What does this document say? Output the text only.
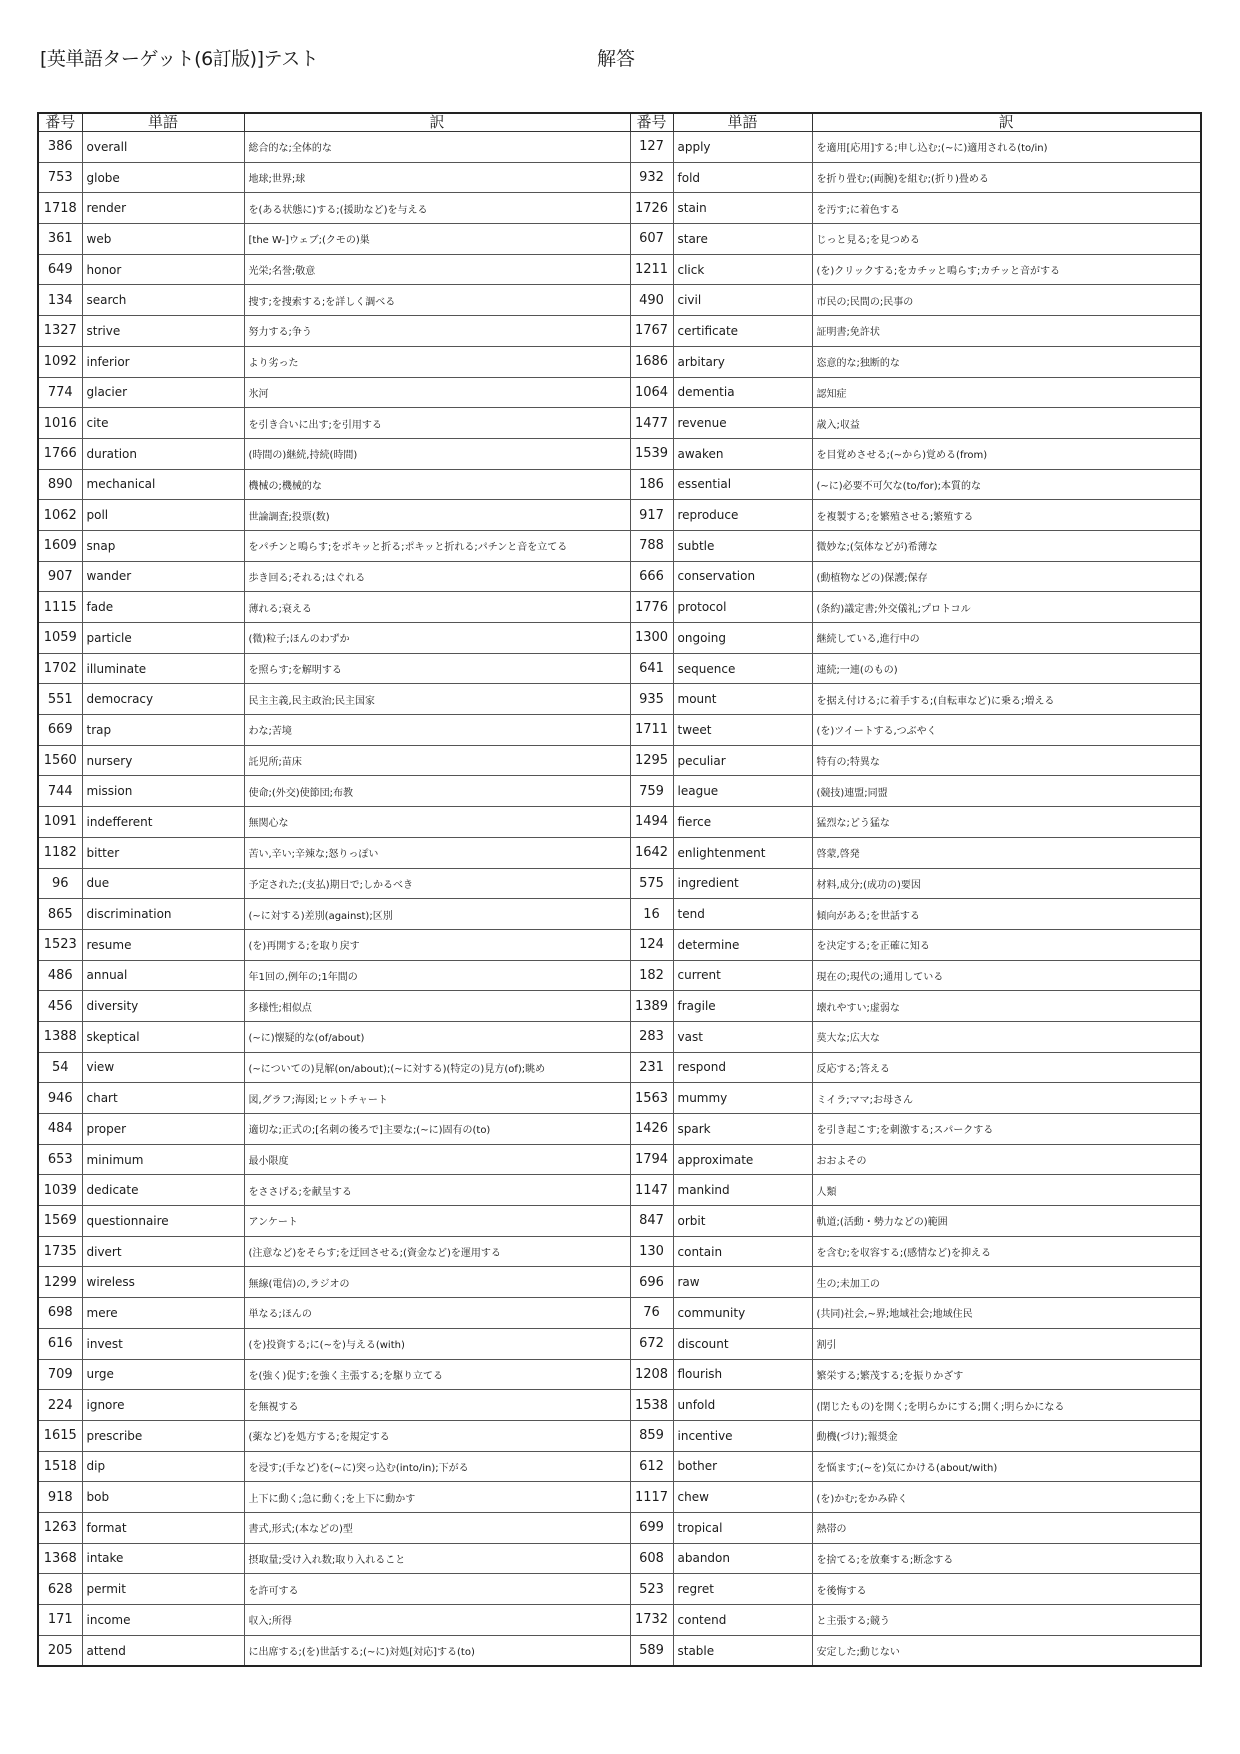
[英単語ターゲット(6訂版)]テスト	解答
番号	単語	訳	番号	単語	訳
386	overall	総合的な;全体的な	127	apply	を適用[応用]する;申し込む;(~に)適用される(to/in)
753	globe	地球;世界;球	932	fold	を折り畳む;(両腕)を組む;(折り)畳める
1718	render	を(ある状態に)する;(援助など)を与える	1726	stain	を汚す;に着色する
361	web	[the W-]ウェブ;(クモの)巣	607	stare	じっと見る;を見つめる
649	honor	光栄;名誉;敬意	1211	click	(を)クリックする;をカチッと鳴らす;カチッと音がする
134	search	捜す;を捜索する;を詳しく調べる	490	civil	市民の;民間の;民事の
1327	strive	努力する;争う	1767	certificate	証明書;免許状
1092	inferior	より劣った	1686	arbitary	恣意的な;独断的な
774	glacier	氷河	1064	dementia	認知症
1016	cite	を引き合いに出す;を引用する	1477	revenue	歳入;収益
1766	duration	(時間の)継続,持続(時間)	1539	awaken	を目覚めさせる;(~から)覚める(from)
890	mechanical	機械の;機械的な	186	essential	(~に)必要不可欠な(to/for);本質的な
1062	poll	世論調査;投票(数)	917	reproduce	を複製する;を繁殖させる;繁殖する
1609	snap	をパチンと鳴らす;をポキッと折る;ポキッと折れる;パチンと音を立てる	788	subtle	微妙な;(気体などが)希薄な
907	wander	歩き回る;それる;はぐれる	666	conservation	(動植物などの)保護;保存
1115	fade	薄れる;衰える	1776	protocol	(条約)議定書;外交儀礼;プロトコル
1059	particle	(微)粒子;ほんのわずか	1300	ongoing	継続している,進行中の
1702	illuminate	を照らす;を解明する	641	sequence	連続;一連(のもの)
551	democracy	民主主義,民主政治;民主国家	935	mount	を据え付ける;に着手する;(自転車など)に乗る;増える
669	trap	わな;苦境	1711	tweet	(を)ツイートする,つぶやく
1560	nursery	託児所;苗床	1295	peculiar	特有の;特異な
744	mission	使命;(外交)使節団;布教	759	league	(競技)連盟;同盟
1091	indefferent	無関心な	1494	fierce	猛烈な;どう猛な
1182	bitter	苦い,辛い;辛辣な;怒りっぽい	1642	enlightenment	啓蒙,啓発
96	due	予定された;(支払)期日で;しかるべき	575	ingredient	材料,成分;(成功の)要因
865	discrimination	(~に対する)差別(against);区別	16	tend	傾向がある;を世話する
1523	resume	(を)再開する;を取り戻す	124	determine	を決定する;を正確に知る
486	annual	年1回の,例年の;1年間の	182	current	現在の;現代の;通用している
456	diversity	多様性;相似点	1389	fragile	壊れやすい;虚弱な
1388	skeptical	(~に)懐疑的な(of/about)	283	vast	莫大な;広大な
54	view	(~についての)見解(on/about);(~に対する)(特定の)見方(of);眺め	231	respond	反応する;答える
946	chart	図,グラフ;海図;ヒットチャート	1563	mummy	ミイラ;ママ;お母さん
484	proper	適切な;正式の;[名刺の後ろで]主要な;(~に)固有の(to)	1426	spark	を引き起こす;を刺激する;スパークする
653	minimum	最小限度	1794	approximate	おおよその
1039	dedicate	をささげる;を献呈する	1147	mankind	人類
1569	questionnaire	アンケート	847	orbit	軌道;(活動・勢力などの)範囲
1735	divert	(注意など)をそらす;を迂回させる;(資金など)を運用する	130	contain	を含む;を収容する;(感情など)を抑える
1299	wireless	無線(電信)の,ラジオの	696	raw	生の;未加工の
698	mere	単なる;ほんの	76	community	(共同)社会,~界;地域社会;地域住民
616	invest	(を)投資する;に(~を)与える(with)	672	discount	割引
709	urge	を(強く)促す;を強く主張する;を駆り立てる	1208	flourish	繁栄する;繁茂する;を振りかざす
224	ignore	を無視する	1538	unfold	(閉じたもの)を開く;を明らかにする;開く;明らかになる
1615	prescribe	(薬など)を処方する;を規定する	859	incentive	動機(づけ);報奨金
1518	dip	を浸す;(手など)を(~に)突っ込む(into/in);下がる	612	bother	を悩ます;(~を)気にかける(about/with)
918	bob	上下に動く;急に動く;を上下に動かす	1117	chew	(を)かむ;をかみ砕く
1263	format	書式,形式;(本などの)型	699	tropical	熱帯の
1368	intake	摂取量;受け入れ数;取り入れること	608	abandon	を捨てる;を放棄する;断念する
628	permit	を許可する	523	regret	を後悔する
171	income	収入;所得	1732	contend	と主張する;競う
205	attend	に出席する;(を)世話する;(~に)対処[対応]する(to)	589	stable	安定した;動じない
